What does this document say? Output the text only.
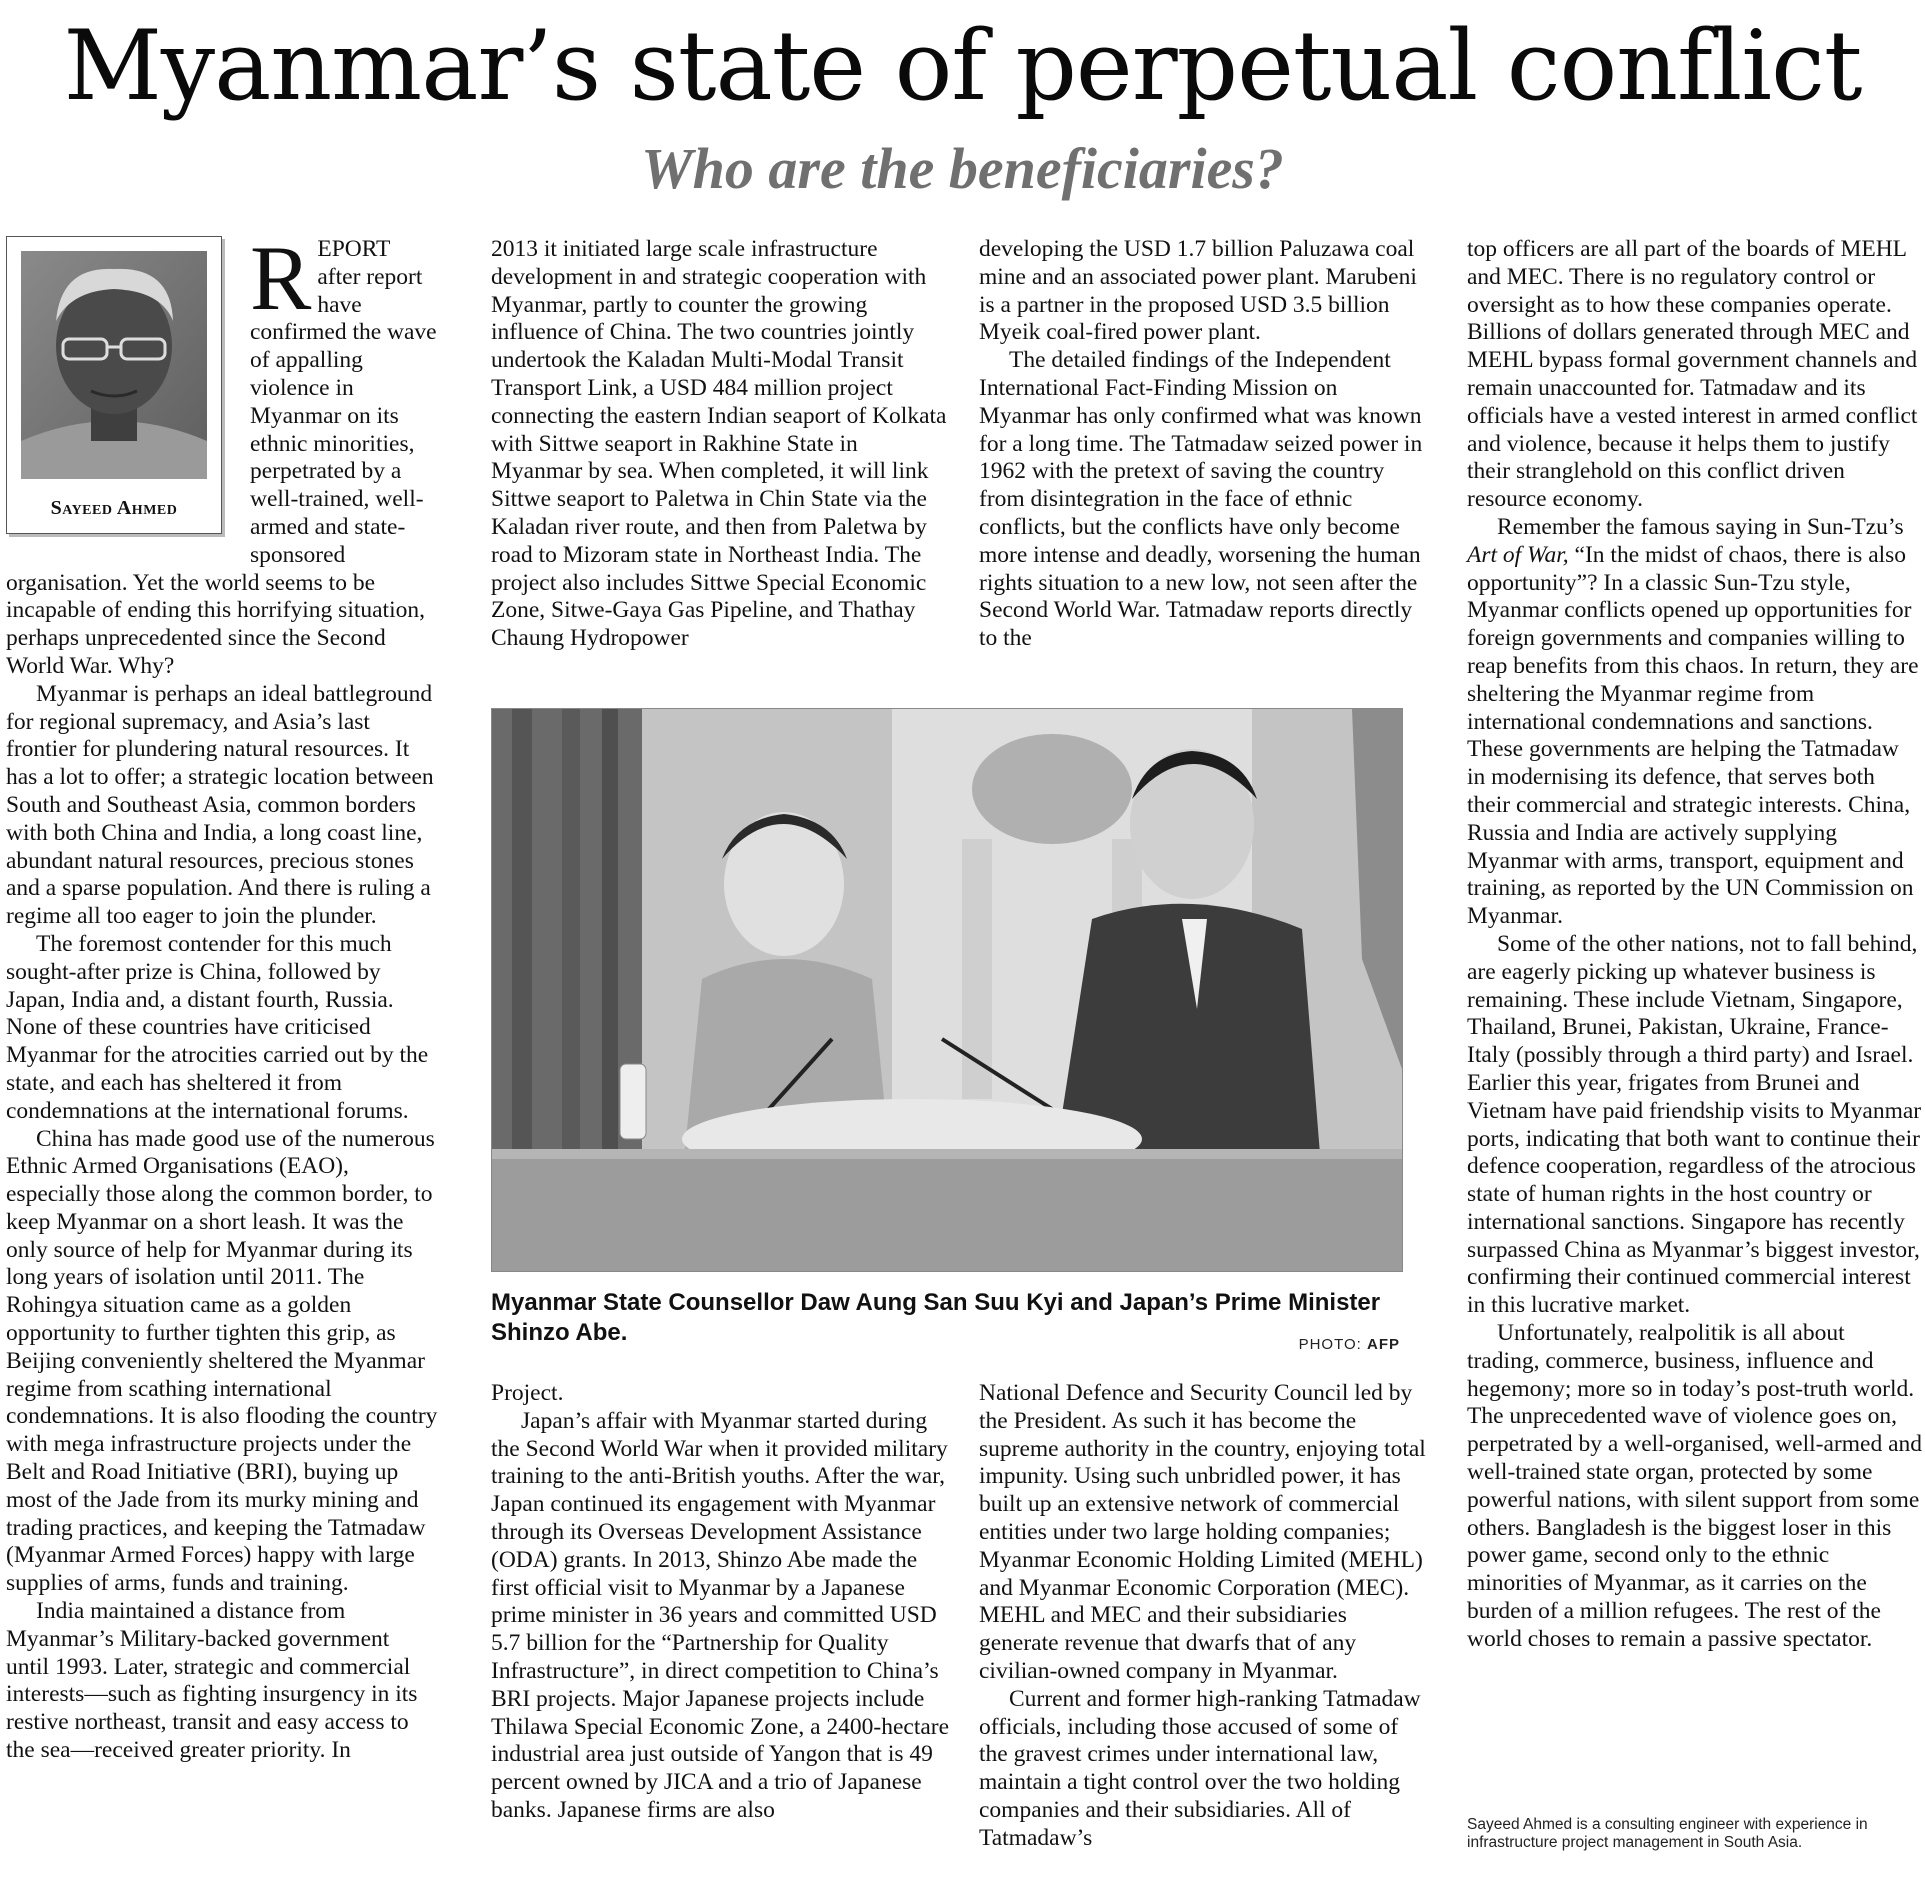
Myanmar’s state of perpetual conflict
Who are the beneficiaries?
Sayeed Ahmed

REPORT after report have confirmed the wave of appalling violence in Myanmar on its ethnic minorities, perpetrated by a well-trained, well-armed and state-sponsored organisation. Yet the world seems to be incapable of ending this horrifying situation, perhaps unprecedented since the Second World War. Why?

Myanmar is perhaps an ideal battleground for regional supremacy, and Asia’s last frontier for plundering natural resources. It has a lot to offer; a strategic location between South and Southeast Asia, common borders with both China and India, a long coast line, abundant natural resources, precious stones and a sparse population. And there is ruling a regime all too eager to join the plunder.

The foremost contender for this much sought-after prize is China, followed by Japan, India and, a distant fourth, Russia. None of these countries have criticised Myanmar for the atrocities carried out by the state, and each has sheltered it from condemnations at the international forums.

China has made good use of the numerous Ethnic Armed Organisations (EAO), especially those along the common border, to keep Myanmar on a short leash. It was the only source of help for Myanmar during its long years of isolation until 2011. The Rohingya situation came as a golden opportunity to further tighten this grip, as Beijing conveniently sheltered the Myanmar regime from scathing international condemnations. It is also flooding the country with mega infrastructure projects under the Belt and Road Initiative (BRI), buying up most of the Jade from its murky mining and trading practices, and keeping the Tatmadaw (Myanmar Armed Forces) happy with large supplies of arms, funds and training.

India maintained a distance from Myanmar’s Military-backed government until 1993. Later, strategic and commercial interests—such as fighting insurgency in its restive northeast, transit and easy access to the sea—received greater priority. In

2013 it initiated large scale infrastructure development in and strategic cooperation with Myanmar, partly to counter the growing influence of China. The two countries jointly undertook the Kaladan Multi-Modal Transit Transport Link, a USD 484 million project connecting the eastern Indian seaport of Kolkata with Sittwe seaport in Rakhine State in Myanmar by sea. When completed, it will link Sittwe seaport to Paletwa in Chin State via the Kaladan river route, and then from Paletwa by road to Mizoram state in Northeast India. The project also includes Sittwe Special Economic Zone, Sitwe-Gaya Gas Pipeline, and Thathay Chaung Hydropower

developing the USD 1.7 billion Paluzawa coal mine and an associated power plant. Marubeni is a partner in the proposed USD 3.5 billion Myeik coal-fired power plant.

The detailed findings of the Independent International Fact-Finding Mission on Myanmar has only confirmed what was known for a long time. The Tatmadaw seized power in 1962 with the pretext of saving the country from disintegration in the face of ethnic conflicts, but the conflicts have only become more intense and deadly, worsening the human rights situation to a new low, not seen after the Second World War. Tatmadaw reports directly to the

top officers are all part of the boards of MEHL and MEC. There is no regulatory control or oversight as to how these companies operate. Billions of dollars generated through MEC and MEHL bypass formal government channels and remain unaccounted for. Tatmadaw and its officials have a vested interest in armed conflict and violence, because it helps them to justify their stranglehold on this conflict driven resource economy.

Remember the famous saying in Sun-Tzu’s Art of War, “In the midst of chaos, there is also opportunity”? In a classic Sun-Tzu style, Myanmar conflicts opened up opportunities for foreign governments and companies willing to reap benefits from this chaos. In return, they are sheltering the Myanmar regime from international condemnations and sanctions. These governments are helping the Tatmadaw in modernising its defence, that serves both their commercial and strategic interests. China, Russia and India are actively supplying Myanmar with arms, transport, equipment and training, as reported by the UN Commission on Myanmar.

Some of the other nations, not to fall behind, are eagerly picking up whatever business is remaining. These include Vietnam, Singapore, Thailand, Brunei, Pakistan, Ukraine, France-Italy (possibly through a third party) and Israel. Earlier this year, frigates from Brunei and Vietnam have paid friendship visits to Myanmar ports, indicating that both want to continue their defence cooperation, regardless of the atrocious state of human rights in the host country or international sanctions. Singapore has recently surpassed China as Myanmar’s biggest investor, confirming their continued commercial interest in this lucrative market.

Unfortunately, realpolitik is all about trading, commerce, business, influence and hegemony; more so in today’s post-truth world. The unprecedented wave of violence goes on, perpetrated by a well-organised, well-armed and well-trained state organ, protected by some powerful nations, with silent support from some others. Bangladesh is the biggest loser in this power game, second only to the ethnic minorities of Myanmar, as it carries on the burden of a million refugees. The rest of the world choses to remain a passive spectator.

Myanmar State Counsellor Daw Aung San Suu Kyi and Japan’s Prime Minister Shinzo Abe.	PHOTO: AFP

Project.

Japan’s affair with Myanmar started during the Second World War when it provided military training to the anti-British youths. After the war, Japan continued its engagement with Myanmar through its Overseas Development Assistance (ODA) grants. In 2013, Shinzo Abe made the first official visit to Myanmar by a Japanese prime minister in 36 years and committed USD 5.7 billion for the “Partnership for Quality Infrastructure”, in direct competition to China’s BRI projects. Major Japanese projects include Thilawa Special Economic Zone, a 2400-hectare industrial area just outside of Yangon that is 49 percent owned by JICA and a trio of Japanese banks. Japanese firms are also

National Defence and Security Council led by the President. As such it has become the supreme authority in the country, enjoying total impunity. Using such unbridled power, it has built up an extensive network of commercial entities under two large holding companies; Myanmar Economic Holding Limited (MEHL) and Myanmar Economic Corporation (MEC). MEHL and MEC and their subsidiaries generate revenue that dwarfs that of any civilian-owned company in Myanmar.

Current and former high-ranking Tatmadaw officials, including those accused of some of the gravest crimes under international law, maintain a tight control over the two holding companies and their subsidiaries. All of Tatmadaw’s

Sayeed Ahmed is a consulting engineer with experience in infrastructure project management in South Asia.
